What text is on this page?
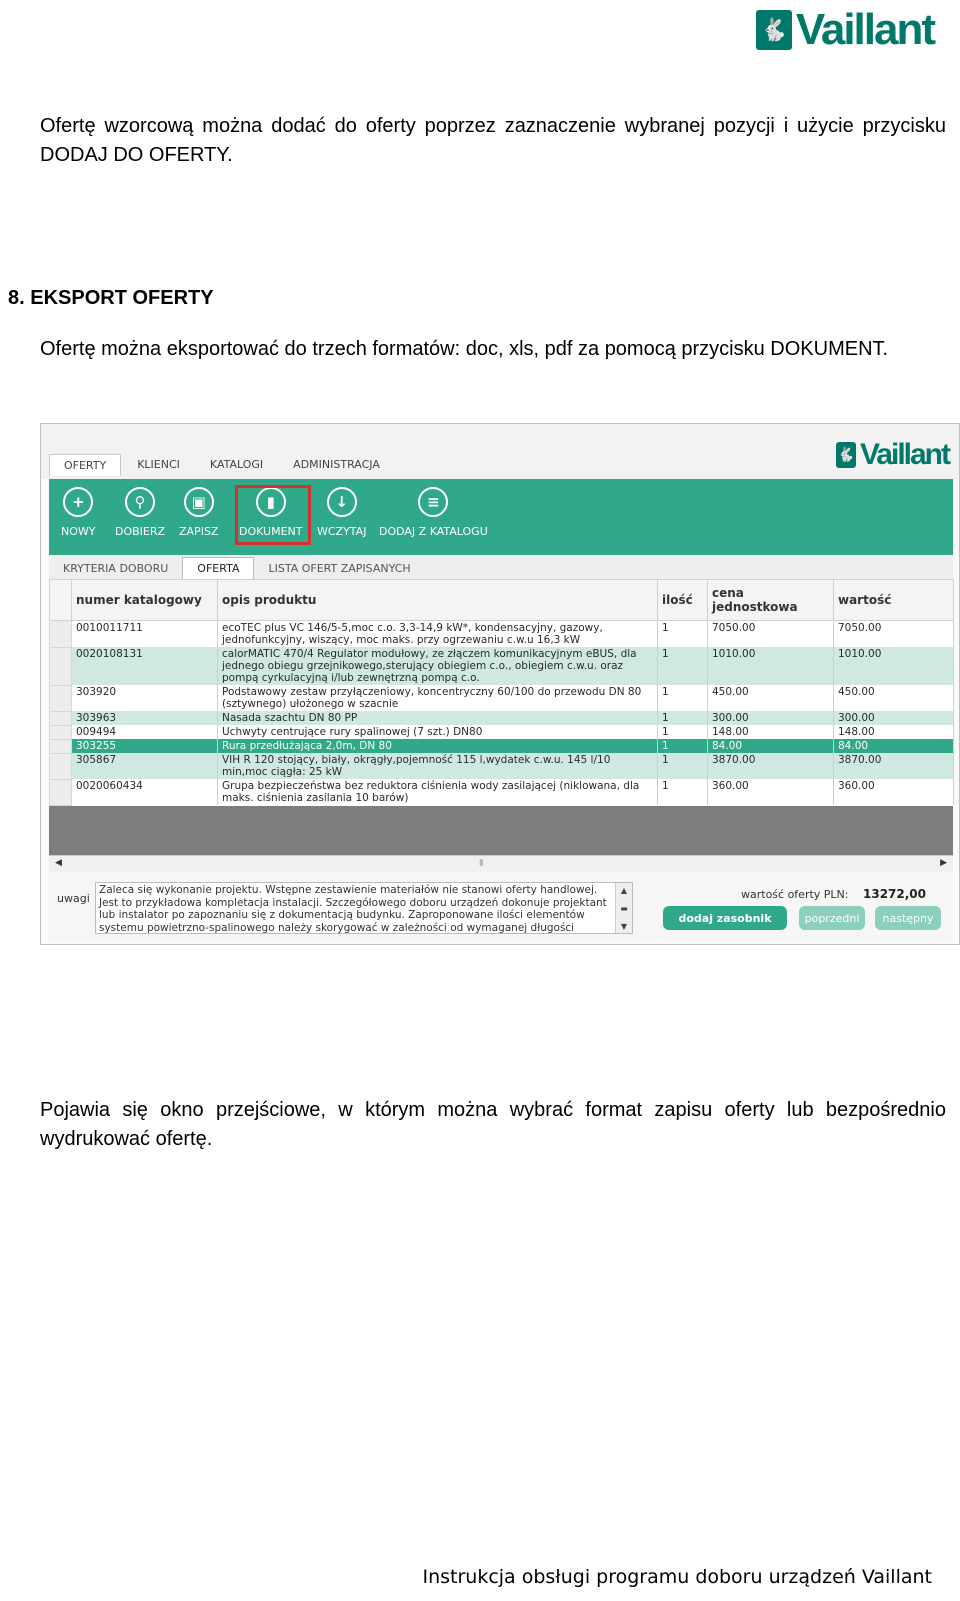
🐇 Vaillant
Ofertę wzorcową można dodać do oferty poprzez zaznaczenie wybranej pozycji i użycie przycisku DODAJ DO OFERTY.
8. EKSPORT OFERTY
Ofertę można eksportować do trzech formatów: doc, xls, pdf za pomocą przycisku DOKUMENT.
OFERTY	KLIENCI	KATALOGI	ADMINISTRACJA
🐇 Vaillant
+
NOWY
⚲
DOBIERZ
▣
ZAPISZ
▮
DOKUMENT
↓
WCZYTAJ
≡
DODAJ Z KATALOGU
KRYTERIA DOBORU	OFERTA	LISTA OFERT ZAPISANYCH
	numer katalogowy	opis produktu	ilość	cena jednostkowa	wartość
	0010011711	ecoTEC plus VC 146/5-5,moc c.o. 3,3-14,9 kW*, kondensacyjny, gazowy, jednofunkcyjny, wiszący, moc maks. przy ogrzewaniu c.w.u 16,3 kW	1	7050.00	7050.00
	0020108131	calorMATIC 470/4 Regulator modułowy, ze złączem komunikacyjnym eBUS, dla jednego obiegu grzejnikowego,sterujący obiegiem c.o., obiegiem c.w.u. oraz pompą cyrkulacyjną i/lub zewnętrzną pompą c.o.	1	1010.00	1010.00
	303920	Podstawowy zestaw przyłączeniowy, koncentryczny 60/100 do przewodu DN 80 (sztywnego) ułożonego w szacnie	1	450.00	450.00
	303963	Nasada szachtu DN 80 PP	1	300.00	300.00
	009494	Uchwyty centrujące rury spalinowej (7 szt.) DN80	1	148.00	148.00
	303255	Rura przedłużająca 2,0m, DN 80	1	84.00	84.00
	305867	VIH R 120 stojący, biały, okrągły,pojemność 115 l,wydatek c.w.u. 145 l/10 min,moc ciągła: 25 kW	1	3870.00	3870.00
	0020060434	Grupa bezpieczeństwa bez reduktora ciśnienia wody zasilającej (niklowana, dla maks. ciśnienia zasilania 10 barów)	1	360.00	360.00
◀	▮	▶
uwagi
Zaleca się wykonanie projektu. Wstępne zestawienie materiałów nie stanowi oferty handlowej. Jest to przykładowa kompletacja instalacji. Szczegółowego doboru urządzeń dokonuje projektant lub instalator po zapoznaniu się z dokumentacją budynku. Zaproponowane ilości elementów systemu powietrzno-spalinowego należy skorygować w zależności od wymaganej długości
▲
▬
▼
wartość oferty PLN: 13272,00
dodaj zasobnik	poprzedni	następny
Pojawia się okno przejściowe, w którym można wybrać format zapisu oferty lub bezpośrednio wydrukować ofertę.
Instrukcja obsługi programu doboru urządzeń Vaillant
